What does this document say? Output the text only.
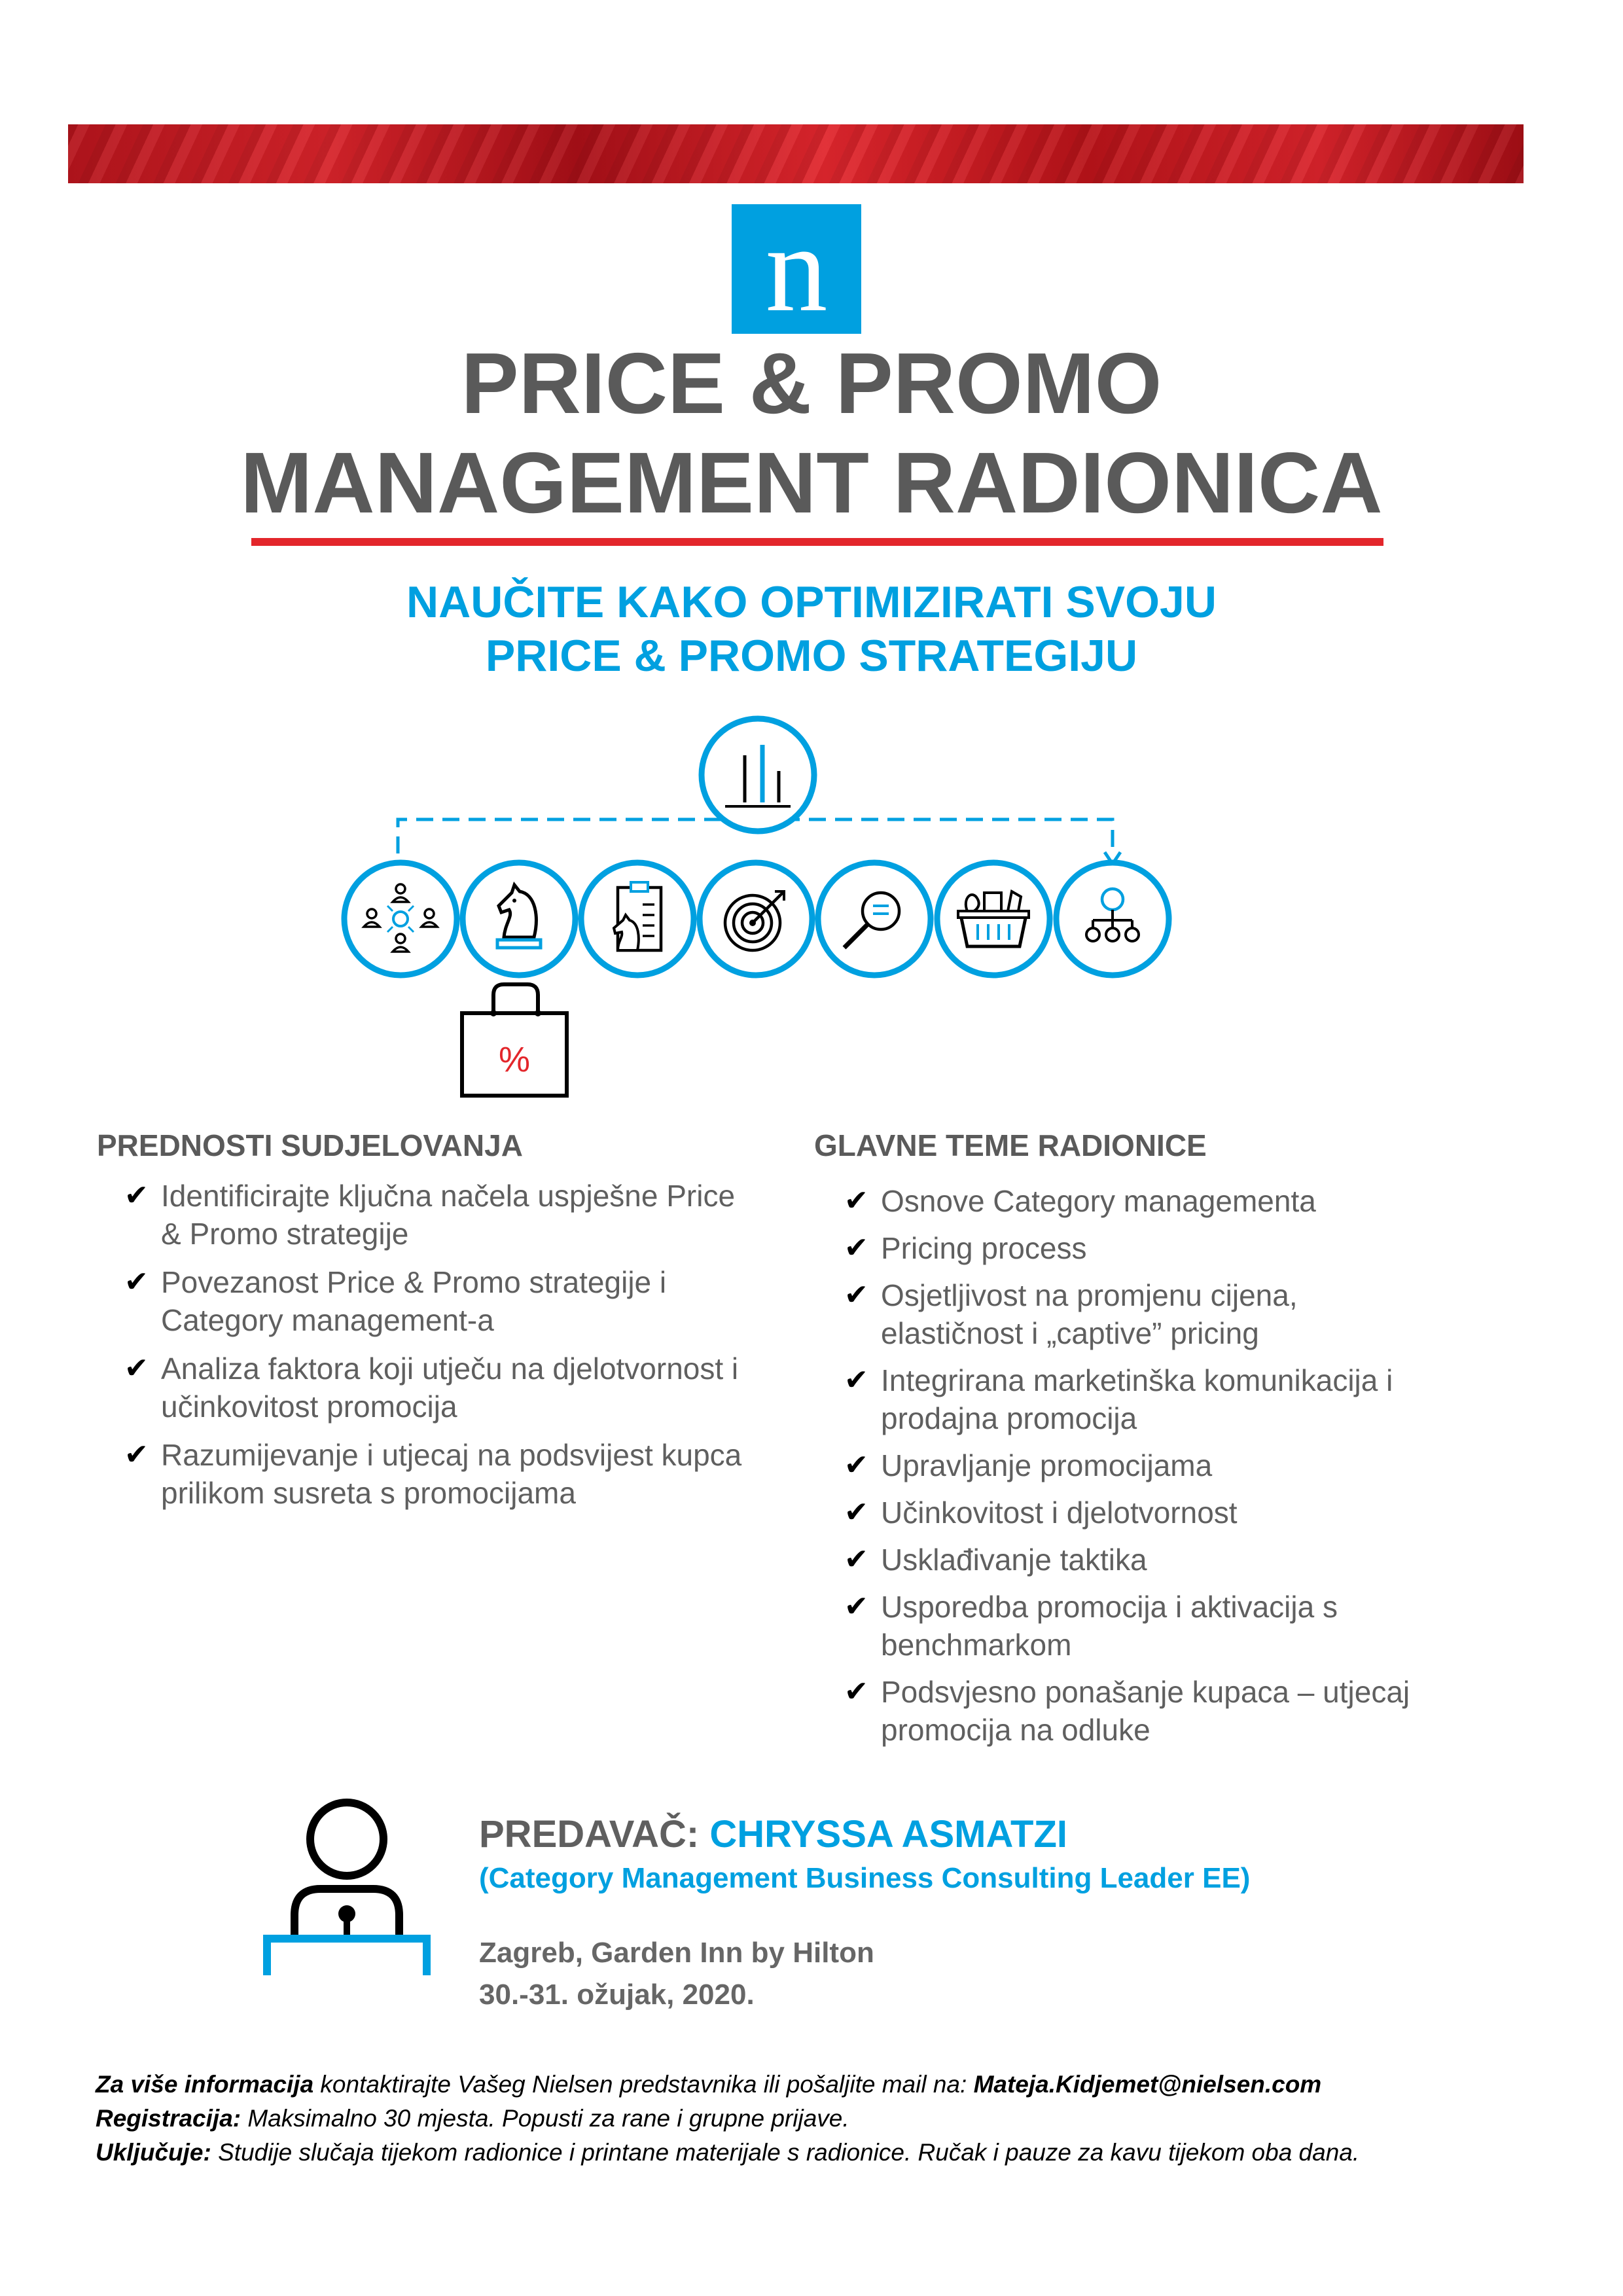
n
PRICE & PROMO
MANAGEMENT RADIONICA
NAUČITE KAKO OPTIMIZIRATI SVOJU
PRICE & PROMO STRATEGIJU
%
PREDNOSTI SUDJELOVANJA
✔ Identificirajte ključna načela uspješne Price
& Promo strategije
✔ Povezanost Price & Promo strategije i
Category management-a
✔ Analiza faktora koji utječu na djelotvornost i
učinkovitost promocija
✔ Razumijevanje i utjecaj na podsvijest kupca
prilikom susreta s promocijama
GLAVNE TEME RADIONICE
✔ Osnove Category managementa
✔ Pricing process
✔ Osjetljivost na promjenu cijena,
elastičnost i „captive” pricing
✔ Integrirana marketinška komunikacija i
prodajna promocija
✔ Upravljanje promocijama
✔ Učinkovitost i djelotvornost
✔ Usklađivanje taktika
✔ Usporedba promocija i aktivacija s
benchmarkom
✔ Podsvjesno ponašanje kupaca – utjecaj
promocija na odluke

PREDAVAČ: CHRYSSA ASMATZI

(Category Management Business Consulting Leader EE)

Zagreb, Garden Inn by Hilton

30.-31. ožujak, 2020.

Za više informacija kontaktirajte Vašeg Nielsen predstavnika ili pošaljite mail na: Mateja.Kidjemet@nielsen.com

Registracija: Maksimalno 30 mjesta. Popusti za rane i grupne prijave.

Uključuje: Studije slučaja tijekom radionice i printane materijale s radionice. Ručak i pauze za kavu tijekom oba dana.
